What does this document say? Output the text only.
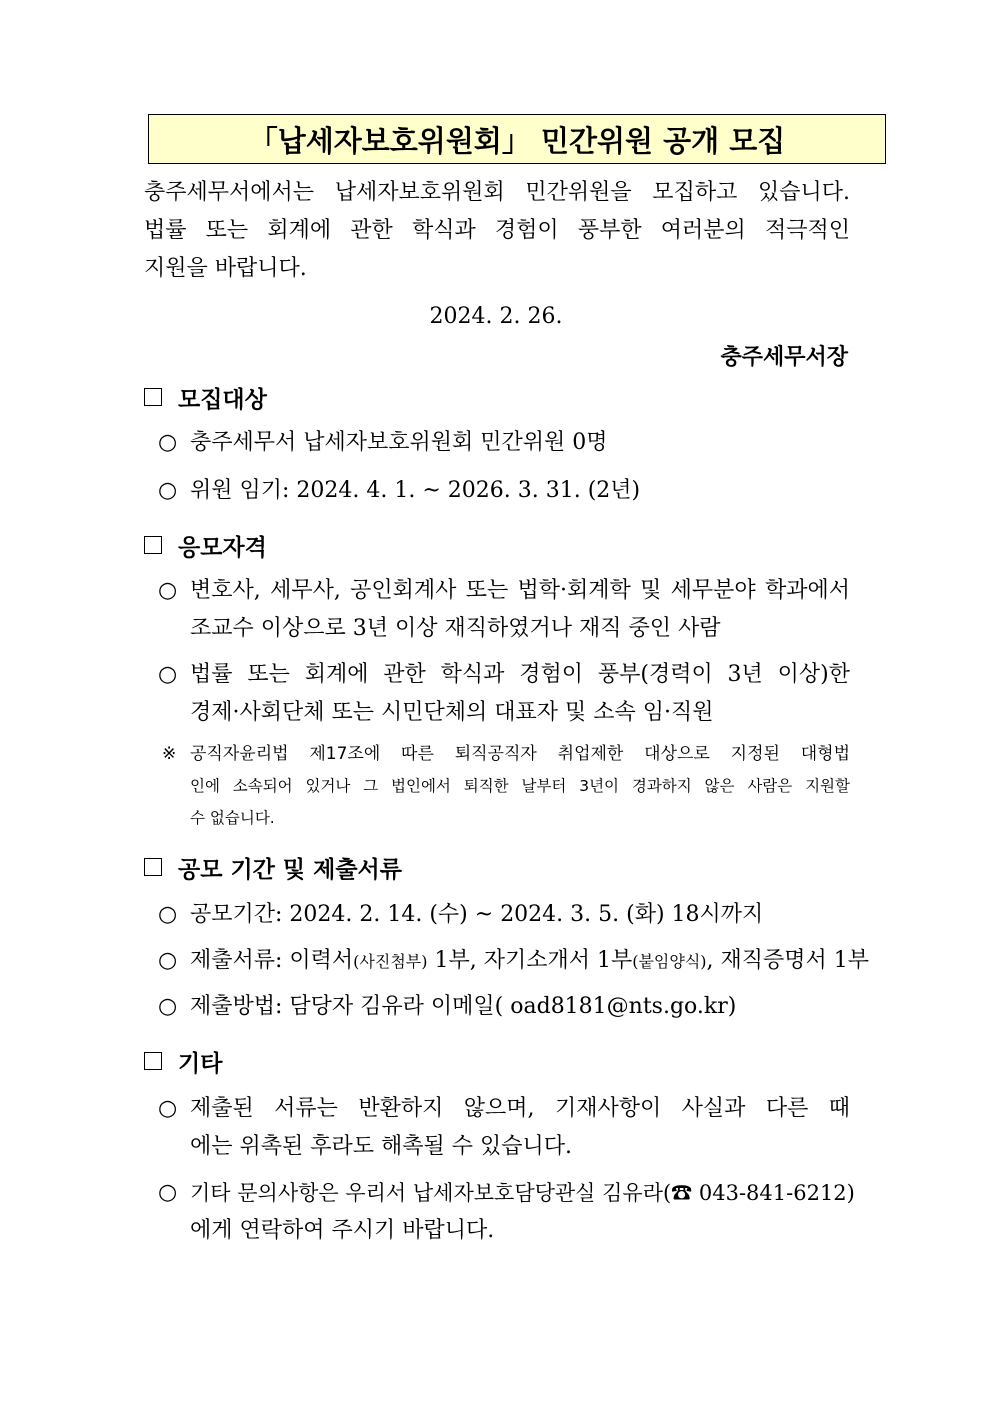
「납세자보호위원회」 민간위원 공개 모집
충주세무서에서는 납세자보호위원회 민간위원을 모집하고 있습니다.
법률 또는 회계에 관한 학식과 경험이 풍부한 여러분의 적극적인
지원을 바랍니다.
2024. 2. 26.
충주세무서장
모집대상
○ 충주세무서 납세자보호위원회 민간위원 0명
○ 위원 임기: 2024. 4. 1. ~ 2026. 3. 31. (2년)
응모자격
○ 변호사, 세무사, 공인회계사 또는 법학·회계학 및 세무분야 학과에서
조교수 이상으로 3년 이상 재직하였거나 재직 중인 사람
○ 법률 또는 회계에 관한 학식과 경험이 풍부(경력이 3년 이상)한
경제·사회단체 또는 시민단체의 대표자 및 소속 임·직원
※ 공직자윤리법 제17조에 따른 퇴직공직자 취업제한 대상으로 지정된 대형법
인에 소속되어 있거나 그 법인에서 퇴직한 날부터 3년이 경과하지 않은 사람은 지원할
수 없습니다.
공모 기간 및 제출서류
○ 공모기간: 2024. 2. 14. (수) ~ 2024. 3. 5. (화) 18시까지
○ 제출서류: 이력서(사진첨부) 1부, 자기소개서 1부(붙임양식), 재직증명서 1부
○ 제출방법: 담당자 김유라 이메일( oad8181@nts.go.kr)
기타
○ 제출된 서류는 반환하지 않으며, 기재사항이 사실과 다른 때
에는 위촉된 후라도 해촉될 수 있습니다.
○ 기타 문의사항은 우리서 납세자보호담당관실 김유라(☎ 043-841-6212)
에게 연락하여 주시기 바랍니다.
